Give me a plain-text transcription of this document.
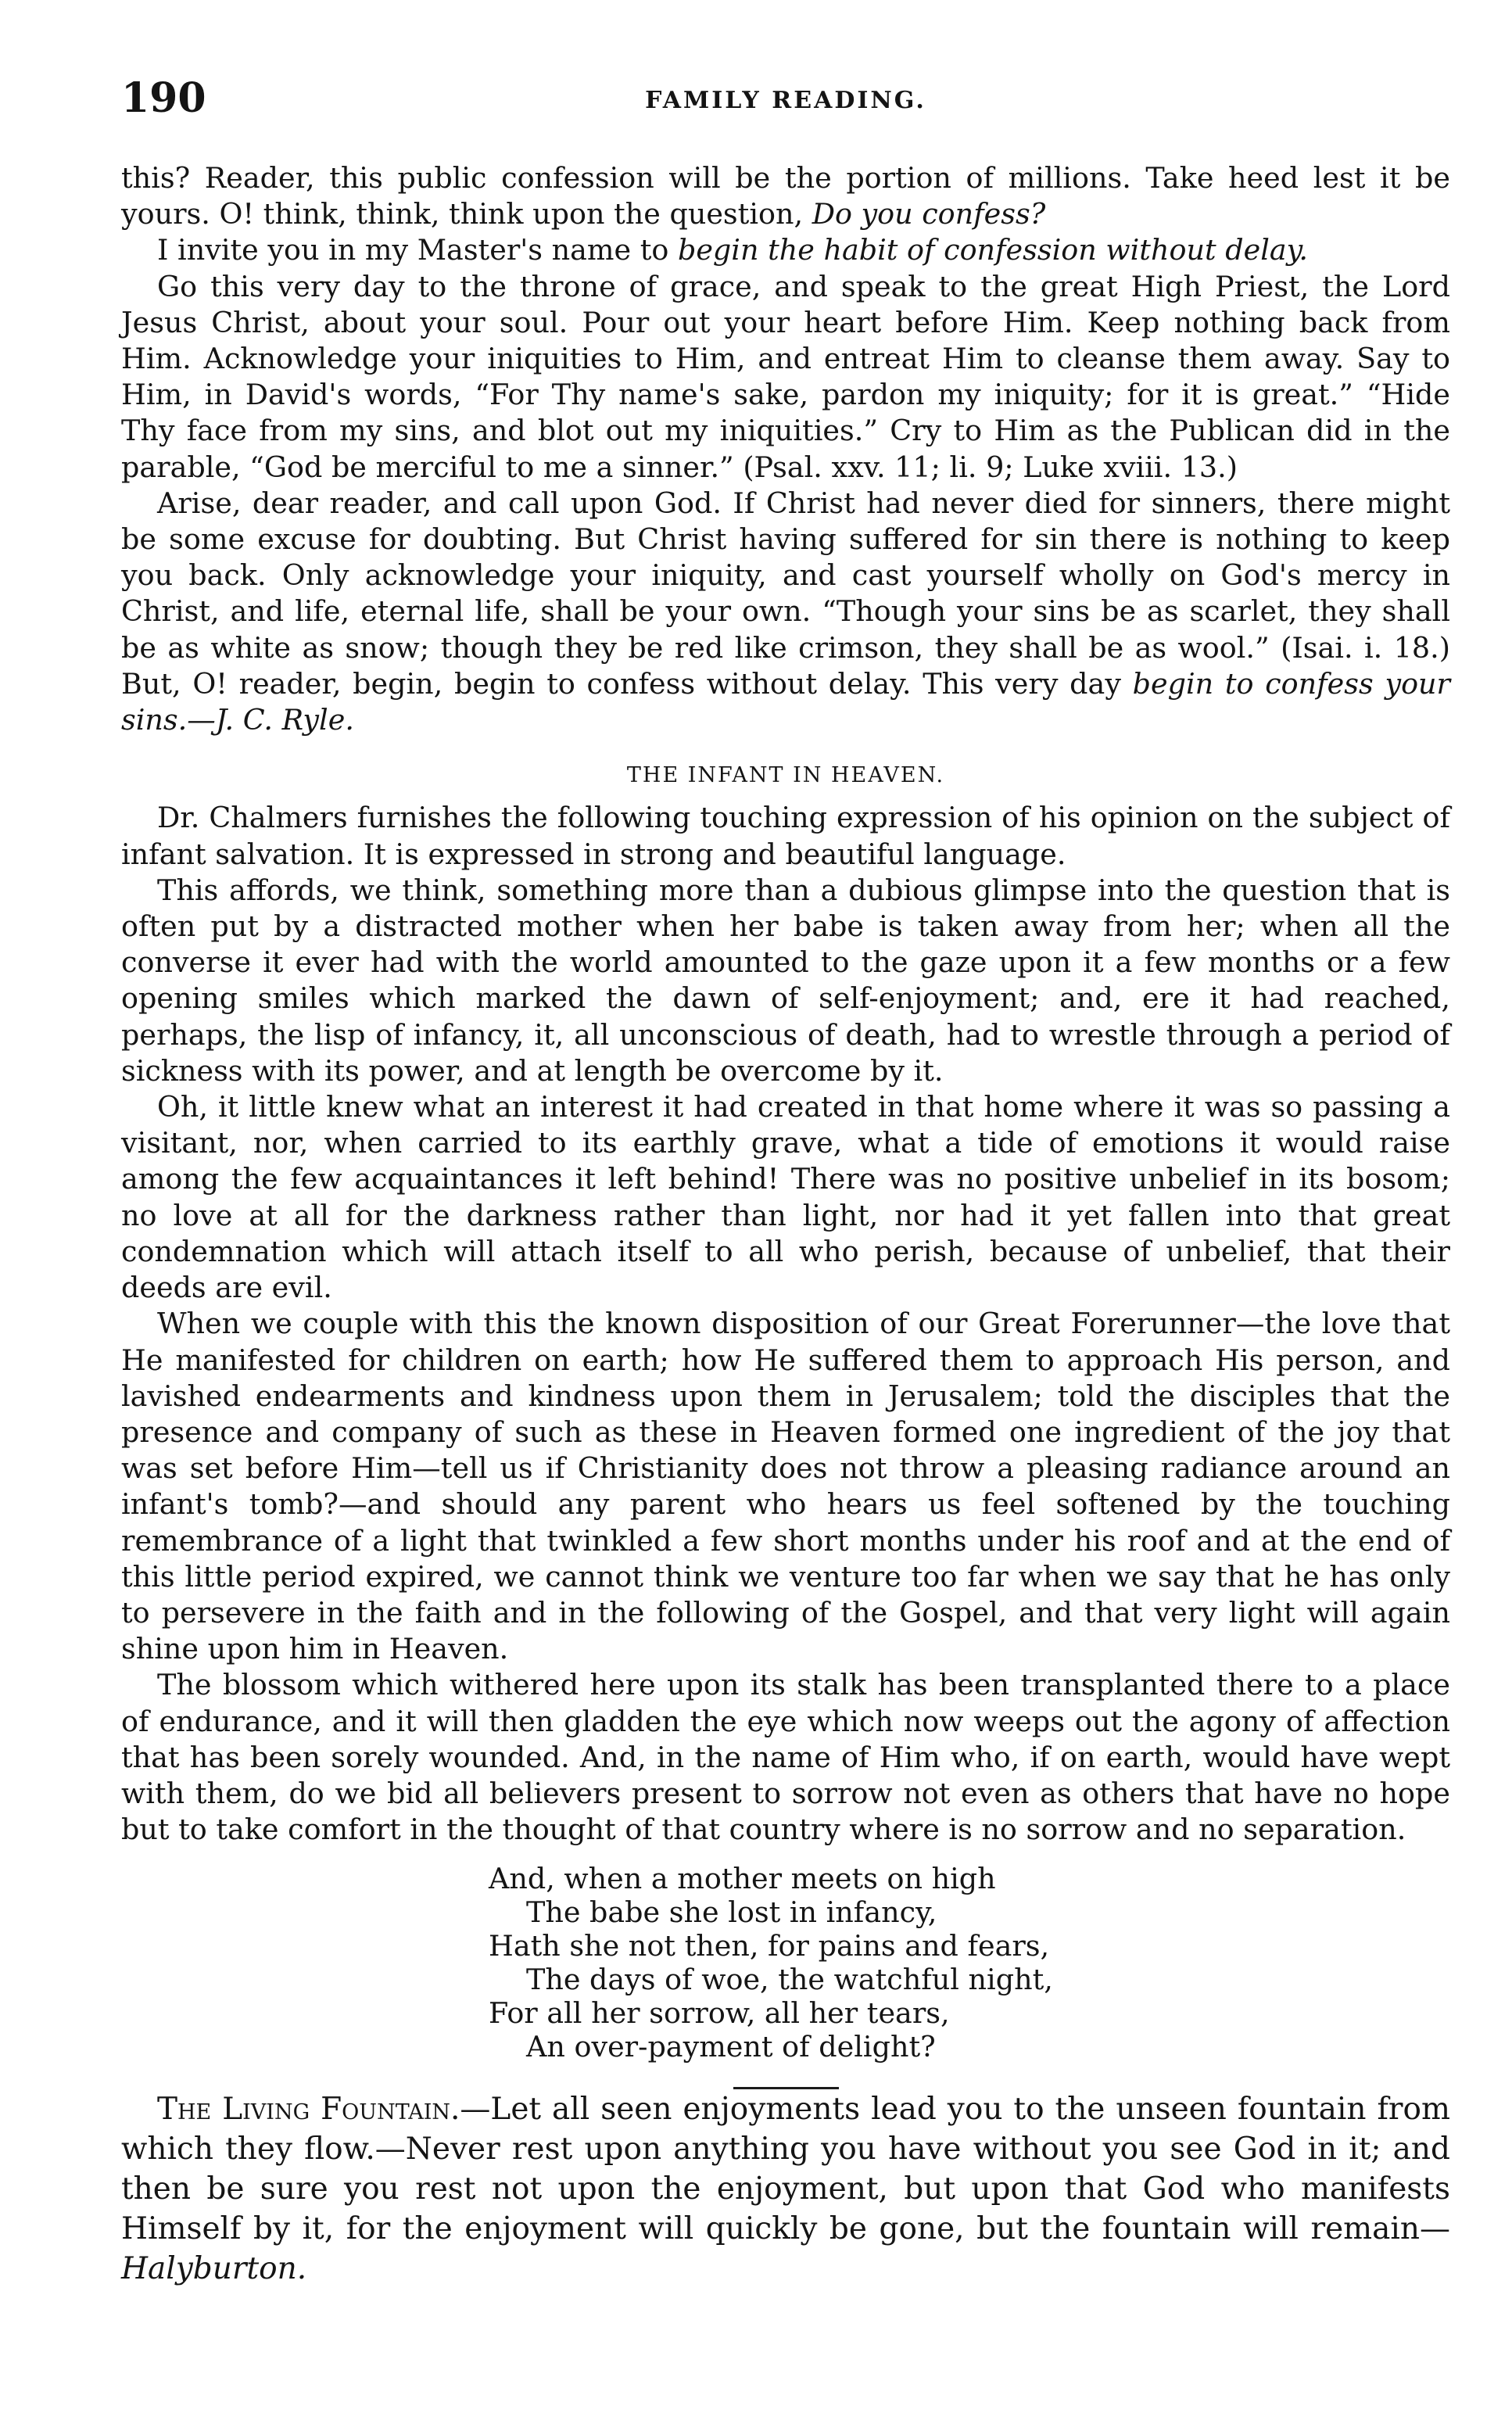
190	FAMILY READING.

this? Reader, this public confession will be the portion of millions. Take heed lest it be yours. O! think, think, think upon the question, Do you confess?

I invite you in my Master's name to begin the habit of confession without delay.

Go this very day to the throne of grace, and speak to the great High Priest, the Lord Jesus Christ, about your soul. Pour out your heart before Him. Keep nothing back from Him. Acknowledge your iniquities to Him, and entreat Him to cleanse them away. Say to Him, in David's words, “For Thy name's sake, pardon my iniquity; for it is great.” “Hide Thy face from my sins, and blot out my iniquities.” Cry to Him as the Publican did in the parable, “God be merciful to me a sinner.” (Psal. xxv. 11; li. 9; Luke xviii. 13.)

Arise, dear reader, and call upon God. If Christ had never died for sinners, there might be some excuse for doubting. But Christ having suffered for sin there is nothing to keep you back. Only acknowledge your iniquity, and cast yourself wholly on God's mercy in Christ, and life, eternal life, shall be your own. “Though your sins be as scarlet, they shall be as white as snow; though they be red like crimson, they shall be as wool.” (Isai. i. 18.) But, O! reader, begin, begin to confess without delay. This very day begin to confess your sins.—J. C. Ryle.

THE INFANT IN HEAVEN.

Dr. Chalmers furnishes the following touching expression of his opinion on the subject of infant salvation. It is expressed in strong and beautiful language.

This affords, we think, something more than a dubious glimpse into the question that is often put by a distracted mother when her babe is taken away from her; when all the converse it ever had with the world amounted to the gaze upon it a few months or a few opening smiles which marked the dawn of self-enjoyment; and, ere it had reached, perhaps, the lisp of infancy, it, all unconscious of death, had to wrestle through a period of sickness with its power, and at length be overcome by it.

Oh, it little knew what an interest it had created in that home where it was so passing a visitant, nor, when carried to its earthly grave, what a tide of emotions it would raise among the few acquaintances it left behind! There was no positive unbelief in its bosom; no love at all for the darkness rather than light, nor had it yet fallen into that great condemnation which will attach itself to all who perish, because of unbelief, that their deeds are evil.

When we couple with this the known disposition of our Great Forerunner—the love that He manifested for children on earth; how He suffered them to approach His person, and lavished endearments and kindness upon them in Jerusalem; told the disciples that the presence and company of such as these in Heaven formed one ingredient of the joy that was set before Him—tell us if Christianity does not throw a pleasing radiance around an infant's tomb?—and should any parent who hears us feel softened by the touching remembrance of a light that twinkled a few short months under his roof and at the end of this little period expired, we cannot think we venture too far when we say that he has only to persevere in the faith and in the following of the Gospel, and that very light will again shine upon him in Heaven.

The blossom which withered here upon its stalk has been transplanted there to a place of endurance, and it will then gladden the eye which now weeps out the agony of affection that has been sorely wounded. And, in the name of Him who, if on earth, would have wept with them, do we bid all believers present to sorrow not even as others that have no hope but to take comfort in the thought of that country where is no sorrow and no separation.

And, when a mother meets on high
The babe she lost in infancy,
Hath she not then, for pains and fears,
The days of woe, the watchful night,
For all her sorrow, all her tears,
An over-payment of delight?

The Living Fountain.—Let all seen enjoyments lead you to the unseen fountain from which they flow.—Never rest upon anything you have without you see God in it; and then be sure you rest not upon the enjoyment, but upon that God who manifests Himself by it, for the enjoyment will quickly be gone, but the fountain will remain—Halyburton.
